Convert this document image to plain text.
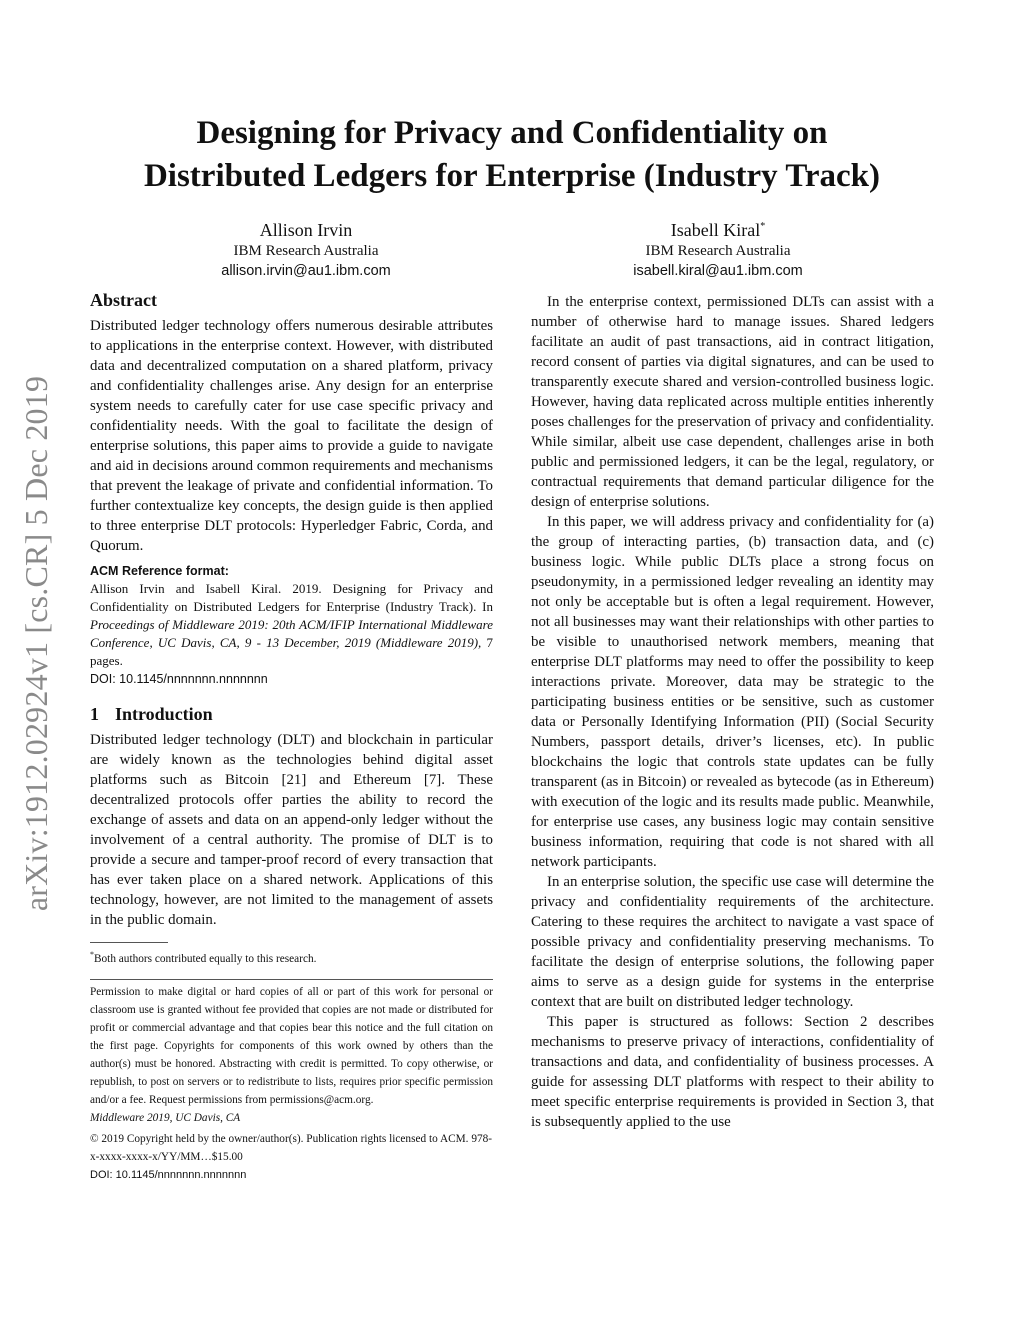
arXiv:1912.02924v1 [cs.CR] 5 Dec 2019
Designing for Privacy and Confidentiality on
Distributed Ledgers for Enterprise (Industry Track)
Allison Irvin
IBM Research Australia
allison.irvin@au1.ibm.com
Isabell Kiral*
IBM Research Australia
isabell.kiral@au1.ibm.com
Abstract

Distributed ledger technology offers numerous desirable attributes to applications in the enterprise context. However, with distributed data and decentralized computation on a shared platform, privacy and confidentiality challenges arise. Any design for an enterprise system needs to carefully cater for use case specific privacy and confidentiality needs. With the goal to facilitate the design of enterprise solutions, this paper aims to provide a guide to navigate and aid in decisions around common requirements and mechanisms that prevent the leakage of private and confidential information. To further contextualize key concepts, the design guide is then applied to three enterprise DLT protocols: Hyperledger Fabric, Corda, and Quorum.

ACM Reference format:

Allison Irvin and Isabell Kiral. 2019. Designing for Privacy and Confidentiality on Distributed Ledgers for Enterprise (Industry Track). In Proceedings of Middleware 2019: 20th ACM/IFIP International Middleware Conference, UC Davis, CA, 9 - 13 December, 2019 (Middleware 2019), 7 pages.

DOI: 10.1145/nnnnnnn.nnnnnnn
1 Introduction

Distributed ledger technology (DLT) and blockchain in particular are widely known as the technologies behind digital asset platforms such as Bitcoin [21] and Ethereum [7]. These decentralized protocols offer parties the ability to record the exchange of assets and data on an append-only ledger without the involvement of a central authority. The promise of DLT is to provide a secure and tamper-proof record of every transaction that has ever taken place on a shared network. Applications of this technology, however, are not limited to the management of assets in the public domain.

*Both authors contributed equally to this research.
Permission to make digital or hard copies of all or part of this work for personal or classroom use is granted without fee provided that copies are not made or distributed for profit or commercial advantage and that copies bear this notice and the full citation on the first page. Copyrights for components of this work owned by others than the author(s) must be honored. Abstracting with credit is permitted. To copy otherwise, or republish, to post on servers or to redistribute to lists, requires prior specific permission and/or a fee. Request permissions from permissions@acm.org.
Middleware 2019, UC Davis, CA
© 2019 Copyright held by the owner/author(s). Publication rights licensed to ACM. 978-x-xxxx-xxxx-x/YY/MM…$15.00
DOI: 10.1145/nnnnnnn.nnnnnnn

In the enterprise context, permissioned DLTs can assist with a number of otherwise hard to manage issues. Shared ledgers facilitate an audit of past transactions, aid in contract litigation, record consent of parties via digital signatures, and can be used to transparently execute shared and version-controlled business logic. However, having data replicated across multiple entities inherently poses challenges for the preservation of privacy and confidentiality. While similar, albeit use case dependent, challenges arise in both public and permissioned ledgers, it can be the legal, regulatory, or contractual requirements that demand particular diligence for the design of enterprise solutions.

In this paper, we will address privacy and confidentiality for (a) the group of interacting parties, (b) transaction data, and (c) business logic. While public DLTs place a strong focus on pseudonymity, in a permissioned ledger revealing an identity may not only be acceptable but is often a legal requirement. However, not all businesses may want their relationships with other parties to be visible to unauthorised network members, meaning that enterprise DLT platforms may need to offer the possibility to keep interactions private. Moreover, data may be strategic to the participating business entities or be sensitive, such as customer data or Personally Identifying Information (PII) (Social Security Numbers, passport details, driver’s licenses, etc). In public blockchains the logic that controls state updates can be fully transparent (as in Bitcoin) or revealed as bytecode (as in Ethereum) with execution of the logic and its results made public. Meanwhile, for enterprise use cases, any business logic may contain sensitive business information, requiring that code is not shared with all network participants.

In an enterprise solution, the specific use case will determine the privacy and confidentiality requirements of the architecture. Catering to these requires the architect to navigate a vast space of possible privacy and confidentiality preserving mechanisms. To facilitate the design of enterprise solutions, the following paper aims to serve as a design guide for systems in the enterprise context that are built on distributed ledger technology.

This paper is structured as follows: Section 2 describes mechanisms to preserve privacy of interactions, confidentiality of transactions and data, and confidentiality of business processes. A guide for assessing DLT platforms with respect to their ability to meet specific enterprise requirements is provided in Section 3, that is subsequently applied to the use
